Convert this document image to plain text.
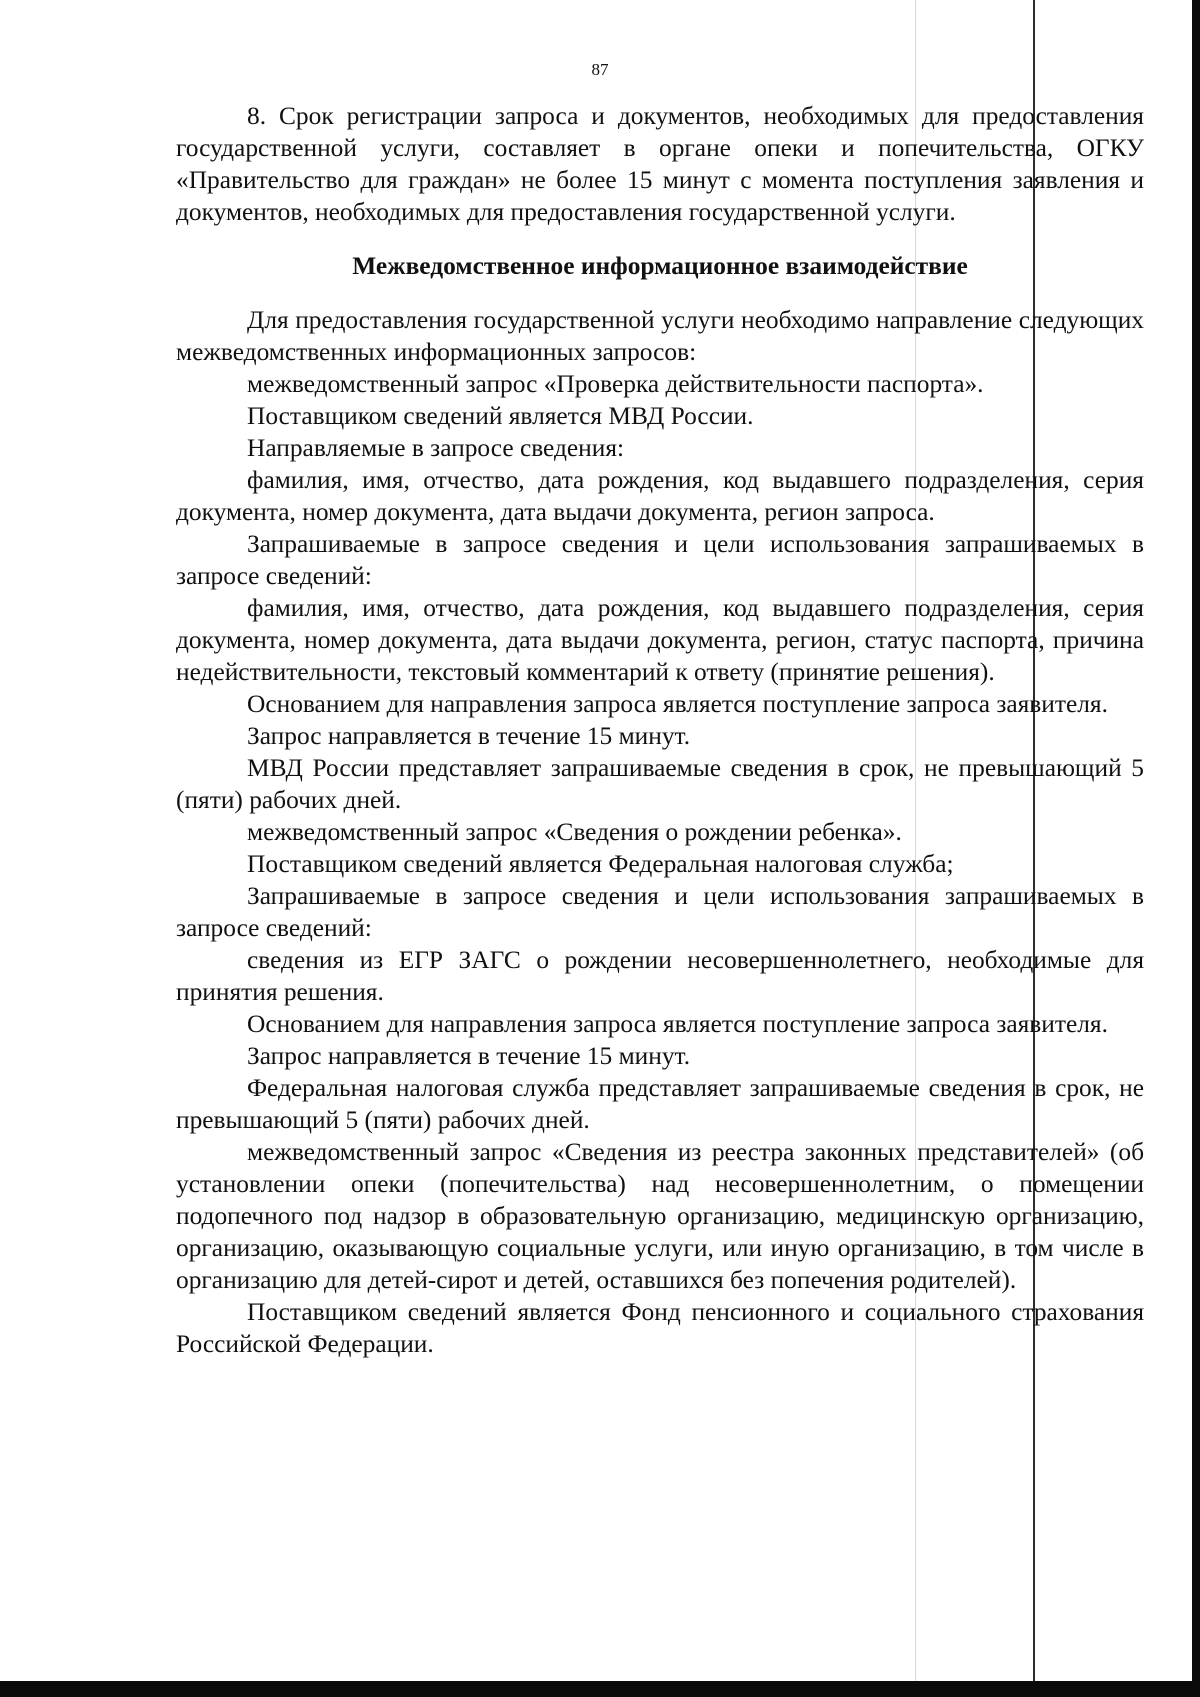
87

8. Срок регистрации запроса и документов, необходимых для предоставления государственной услуги, составляет в органе опеки и попечительства, ОГКУ «Правительство для граждан» не более 15 минут с момента поступления заявления и документов, необходимых для предоставления государственной услуги.

Межведомственное информационное взаимодействие

Для предоставления государственной услуги необходимо направление следующих межведомственных информационных запросов:

межведомственный запрос «Проверка действительности паспорта».

Поставщиком сведений является МВД России.

Направляемые в запросе сведения:

фамилия, имя, отчество, дата рождения, код выдавшего подразделения, серия документа, номер документа, дата выдачи документа, регион запроса.

Запрашиваемые в запросе сведения и цели использования запрашиваемых в запросе сведений:

фамилия, имя, отчество, дата рождения, код выдавшего подразделения, серия документа, номер документа, дата выдачи документа, регион, статус паспорта, причина недействительности, текстовый комментарий к ответу (принятие решения).

Основанием для направления запроса является поступление запроса заявителя.

Запрос направляется в течение 15 минут.

МВД России представляет запрашиваемые сведения в срок, не превышающий 5 (пяти) рабочих дней.

межведомственный запрос «Сведения о рождении ребенка».

Поставщиком сведений является Федеральная налоговая служба;

Запрашиваемые в запросе сведения и цели использования запрашиваемых в запросе сведений:

сведения из ЕГР ЗАГС о рождении несовершеннолетнего, необходимые для принятия решения.

Основанием для направления запроса является поступление запроса заявителя.

Запрос направляется в течение 15 минут.

Федеральная налоговая служба представляет запрашиваемые сведения в срок, не превышающий 5 (пяти) рабочих дней.

межведомственный запрос «Сведения из реестра законных представителей» (об установлении опеки (попечительства) над несовершеннолетним, о помещении подопечного под надзор в образовательную организацию, медицинскую организацию, организацию, оказывающую социальные услуги, или иную организацию, в том числе в организацию для детей-сирот и детей, оставшихся без попечения родителей).

Поставщиком сведений является Фонд пенсионного и социального страхования Российской Федерации.
